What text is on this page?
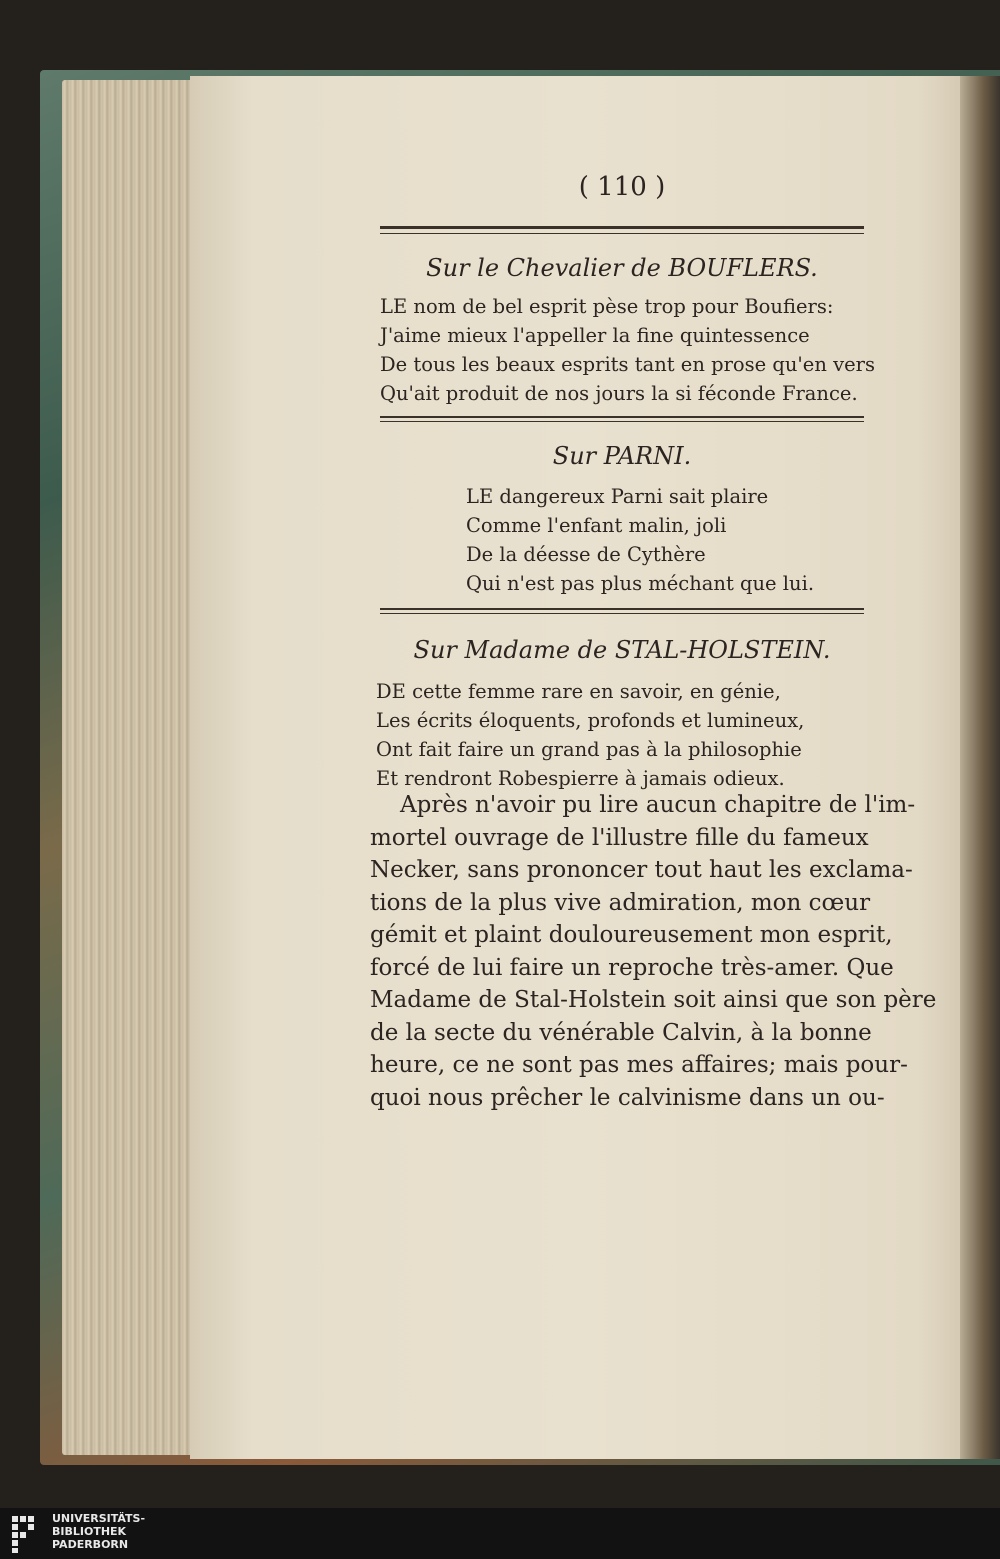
( 110 )
Sur le Chevalier de BOUFLERS.
LE nom de bel esprit pèse trop pour Boufiers:
J'aime mieux l'appeller la fine quintessence
De tous les beaux esprits tant en prose qu'en vers
Qu'ait produit de nos jours la si féconde France.
Sur PARNI.
LE dangereux Parni sait plaire
Comme l'enfant malin, joli
De la déesse de Cythère
Qui n'est pas plus méchant que lui.
Sur Madame de STAL-HOLSTEIN.
DE cette femme rare en savoir, en génie,
Les écrits éloquents, profonds et lumineux,
Ont fait faire un grand pas à la philosophie
Et rendront Robespierre à jamais odieux.
Après n'avoir pu lire aucun chapitre de l'im-
mortel ouvrage de l'illustre fille du fameux
Necker, sans prononcer tout haut les exclama-
tions de la plus vive admiration, mon cœur
gémit et plaint douloureusement mon esprit,
forcé de lui faire un reproche très-amer. Que
Madame de Stal-Holstein soit ainsi que son père
de la secte du vénérable Calvin, à la bonne
heure, ce ne sont pas mes affaires; mais pour-
quoi nous prêcher le calvinisme dans un ou-
UNIVERSITÄTS-
BIBLIOTHEK
PADERBORN
